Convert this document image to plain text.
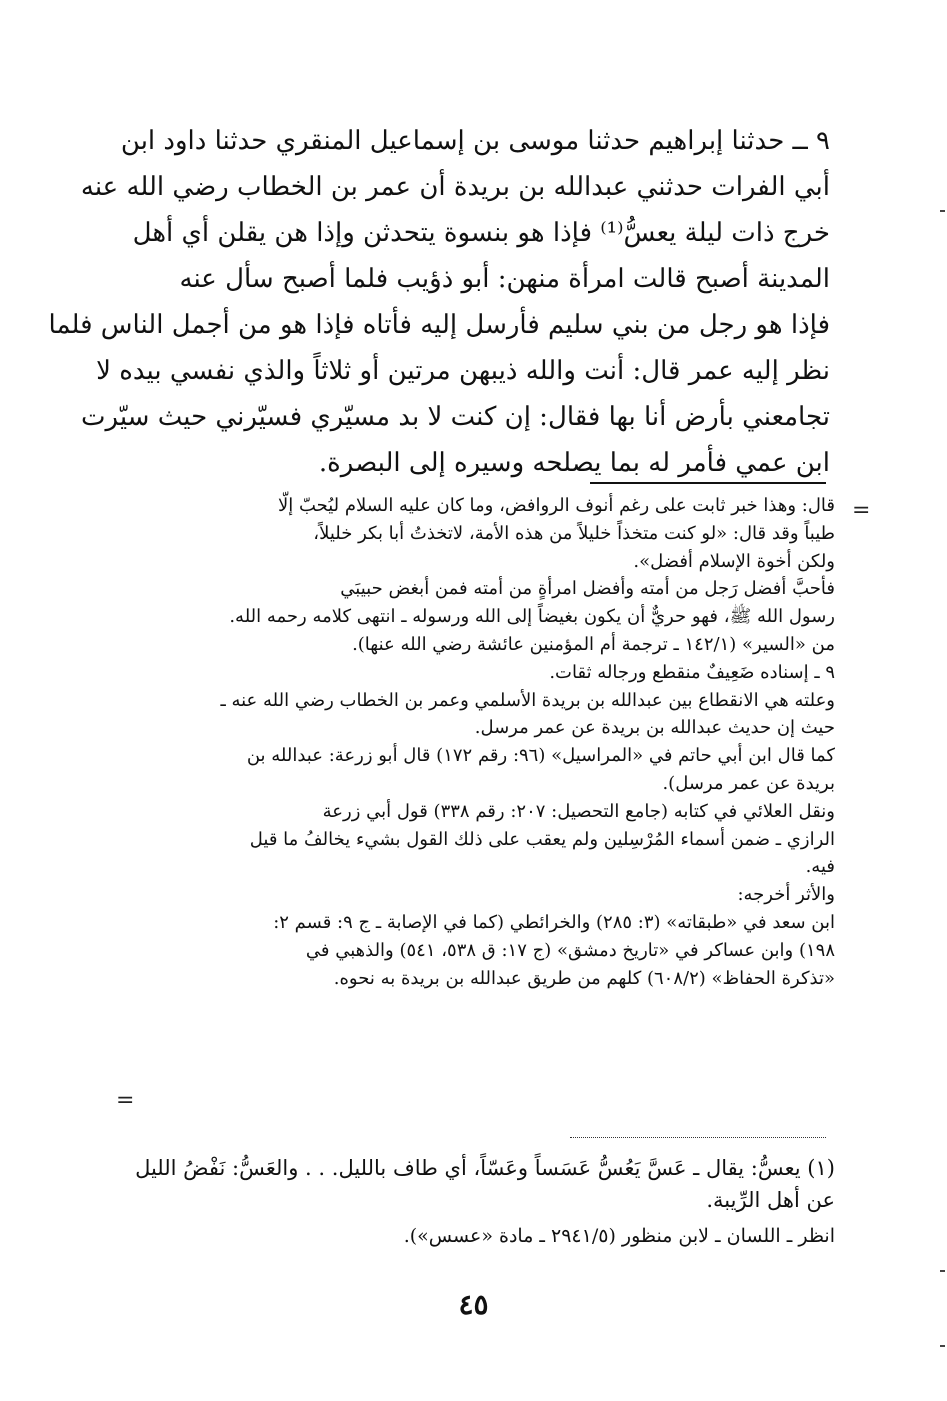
٩ ــ حدثنا إبراهيم حدثنا موسى بن إسماعيل المنقري حدثنا داود ابن
أبي الفرات حدثني عبدالله بن بريدة أن عمر بن الخطاب رضي الله عنه
خرج ذات ليلة يعسُّ⁽¹⁾ فإذا هو بنسوة يتحدثن وإذا هن يقلن أي أهل
المدينة أصبح قالت امرأة منهن: أبو ذؤيب فلما أصبح سأل عنه
فإذا هو رجل من بني سليم فأرسل إليه فأتاه فإذا هو من أجمل الناس فلما
نظر إليه عمر قال: أنت والله ذيبهن مرتين أو ثلاثاً والذي نفسي بيده لا
تجامعني بأرض أنا بها فقال: إن كنت لا بد مسيّري فسيّرني حيث سيّرت
ابن عمي فأمر له بما يصلحه وسيره إلى البصرة.
قال: وهذا خبر ثابت على رغم أنوف الروافض، وما كان عليه السلام ليُحبّ إلّا
طيباً وقد قال: «لو كنت متخذاً خليلاً من هذه الأمة، لاتخذتُ أبا بكر خليلاً،
ولكن أخوة الإسلام أفضل».
فأحبَّ أفضل رَجل من أمته وأفضل امرأةٍ من أمته فمن أبغض حبيبَي
رسول الله ﷺ، فهو حريٌّ أن يكون بغيضاً إلى الله ورسوله ـ انتهى كلامه رحمه الله.
من «السير» (١٤٢/١ ـ ترجمة أم المؤمنين عائشة رضي الله عنها).
٩ ـ إسناده ضَعِيفٌ منقطع ورجاله ثقات.
وعلته هي الانقطاع بين عبدالله بن بريدة الأسلمي وعمر بن الخطاب رضي الله عنه ـ
حيث إن حديث عبدالله بن بريدة عن عمر مرسل.
كما قال ابن أبي حاتم في «المراسيل» (٩٦: رقم ١٧٢) قال أبو زرعة: عبدالله بن
بريدة عن عمر مرسل).
ونقل العلائي في كتابه (جامع التحصيل: ٢٠٧: رقم ٣٣٨) قول أبي زرعة
الرازي ـ ضمن أسماء المُرْسِلين ولم يعقب على ذلك القول بشيء يخالفُ ما قيل
فيه.
والأثر أخرجه:
ابن سعد في «طبقاته» (٣: ٢٨٥) والخرائطي (كما في الإصابة ـ ج ٩: قسم ٢:
١٩٨) وابن عساكر في «تاريخ دمشق» (ج ١٧: ق ٥٣٨، ٥٤١) والذهبي في
«تذكرة الحفاظ» (٦٠٨/٢) كلهم من طريق عبدالله بن بريدة به نحوه.
(١) يعسُّ: يقال ـ عَسَّ يَعُسُّ عَسَساً وعَسّاً، أي طاف بالليل. . . والعَسُّ: نَفْضُ الليل
عن أهل الرِّيبة.
انظر ـ اللسان ـ لابن منظور (٢٩٤١/٥ ـ مادة «عسس»).
=
=
٤٥
